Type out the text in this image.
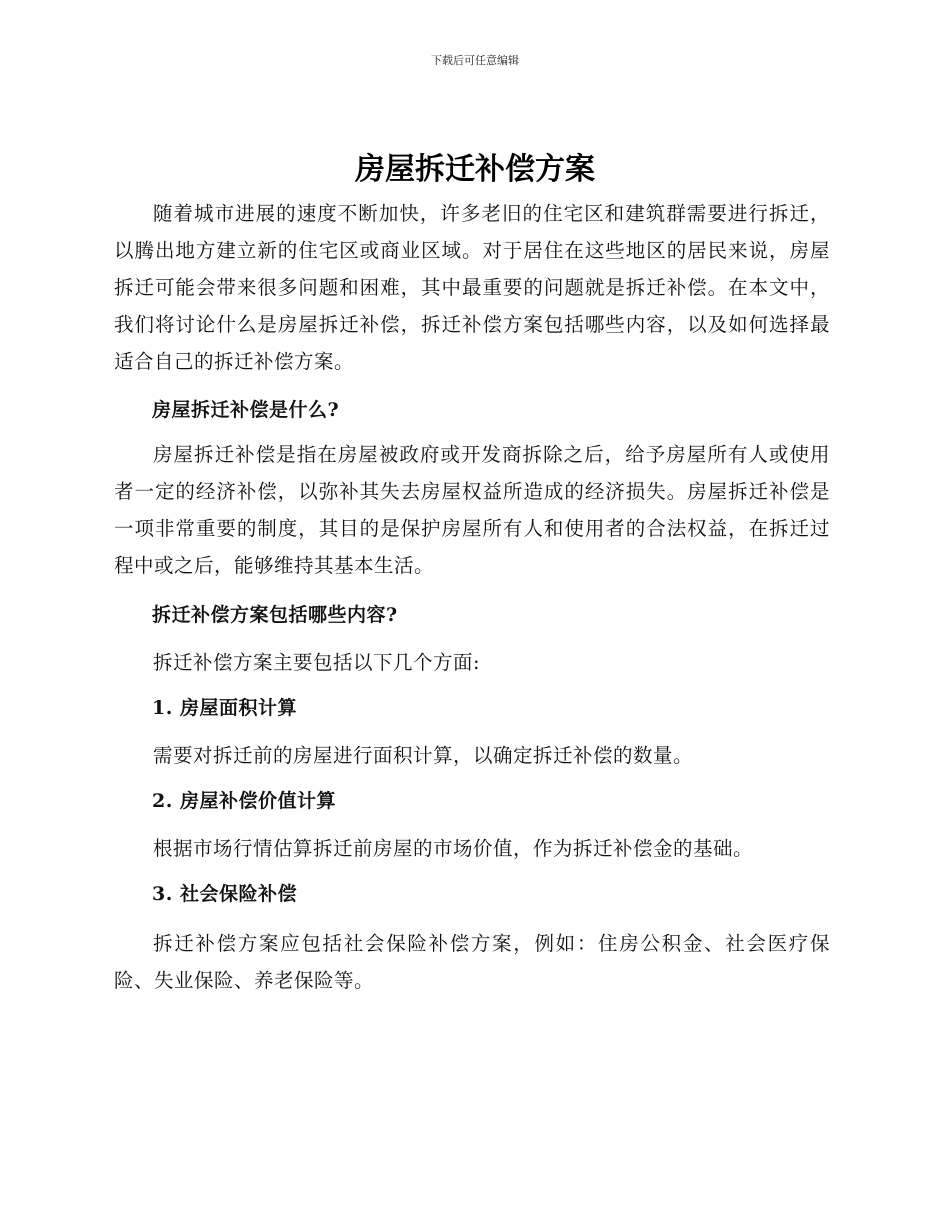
下载后可任意编辑
房屋拆迁补偿方案

随着城市进展的速度不断加快，许多老旧的住宅区和建筑群需要进行拆迁，以腾出地方建立新的住宅区或商业区域。对于居住在这些地区的居民来说，房屋拆迁可能会带来很多问题和困难，其中最重要的问题就是拆迁补偿。在本文中，我们将讨论什么是房屋拆迁补偿，拆迁补偿方案包括哪些内容，以及如何选择最适合自己的拆迁补偿方案。

房屋拆迁补偿是什么?

房屋拆迁补偿是指在房屋被政府或开发商拆除之后，给予房屋所有人或使用者一定的经济补偿，以弥补其失去房屋权益所造成的经济损失。房屋拆迁补偿是一项非常重要的制度，其目的是保护房屋所有人和使用者的合法权益，在拆迁过程中或之后，能够维持其基本生活。

拆迁补偿方案包括哪些内容?

拆迁补偿方案主要包括以下几个方面:

1. 房屋面积计算

需要对拆迁前的房屋进行面积计算，以确定拆迁补偿的数量。

2. 房屋补偿价值计算

根据市场行情估算拆迁前房屋的市场价值，作为拆迁补偿金的基础。

3. 社会保险补偿

拆迁补偿方案应包括社会保险补偿方案，例如：住房公积金、社会医疗保险、失业保险、养老保险等。
